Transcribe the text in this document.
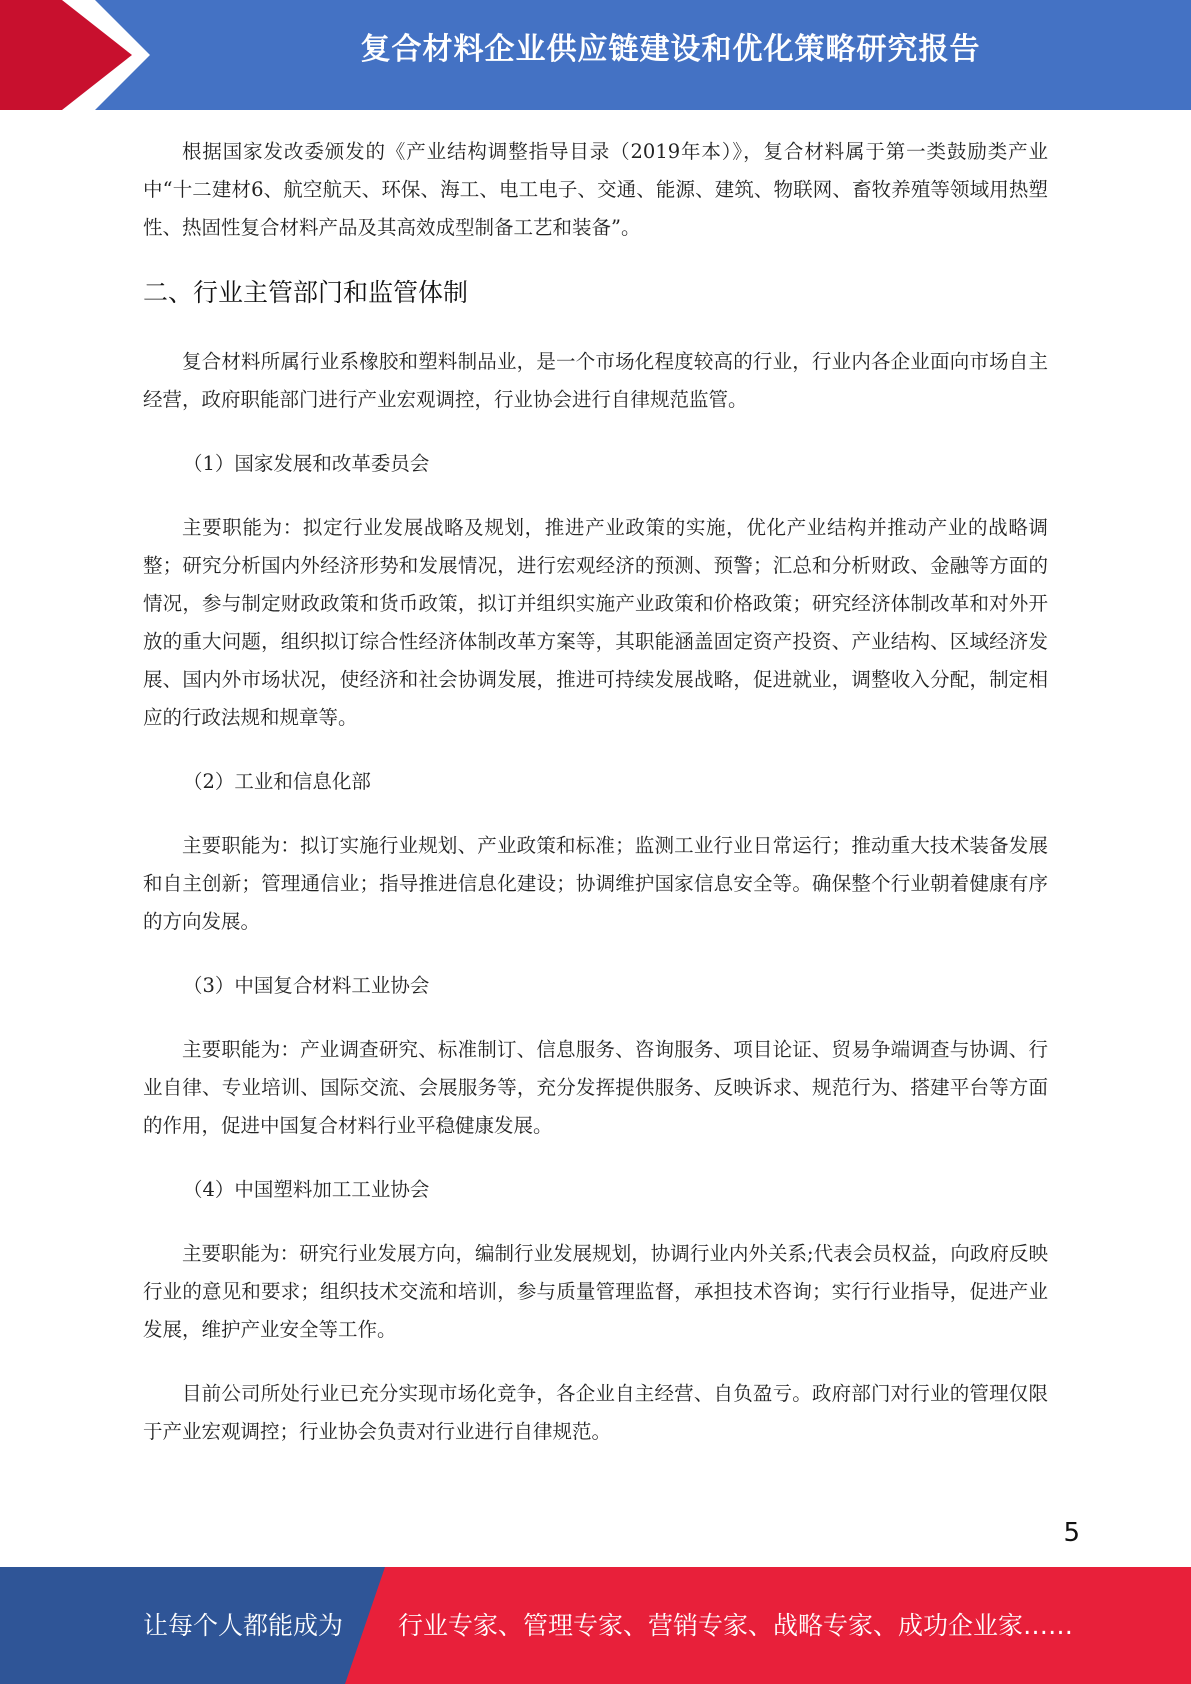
复合材料企业供应链建设和优化策略研究报告

根据国家发改委颁发的《产业结构调整指导目录（2019年本）》，复合材料属于第一类鼓励类产业中“十二建材6、航空航天、环保、海工、电工电子、交通、能源、建筑、物联网、畜牧养殖等领域用热塑性、热固性复合材料产品及其高效成型制备工艺和装备”。

二、行业主管部门和监管体制

复合材料所属行业系橡胶和塑料制品业，是一个市场化程度较高的行业，行业内各企业面向市场自主经营，政府职能部门进行产业宏观调控，行业协会进行自律规范监管。

（1）国家发展和改革委员会

主要职能为：拟定行业发展战略及规划，推进产业政策的实施，优化产业结构并推动产业的战略调整；研究分析国内外经济形势和发展情况，进行宏观经济的预测、预警；汇总和分析财政、金融等方面的情况，参与制定财政政策和货币政策，拟订并组织实施产业政策和价格政策；研究经济体制改革和对外开放的重大问题，组织拟订综合性经济体制改革方案等，其职能涵盖固定资产投资、产业结构、区域经济发展、国内外市场状况，使经济和社会协调发展，推进可持续发展战略，促进就业，调整收入分配，制定相应的行政法规和规章等。

（2）工业和信息化部

主要职能为：拟订实施行业规划、产业政策和标准；监测工业行业日常运行；推动重大技术装备发展和自主创新；管理通信业；指导推进信息化建设；协调维护国家信息安全等。确保整个行业朝着健康有序的方向发展。

（3）中国复合材料工业协会

主要职能为：产业调查研究、标准制订、信息服务、咨询服务、项目论证、贸易争端调查与协调、行业自律、专业培训、国际交流、会展服务等，充分发挥提供服务、反映诉求、规范行为、搭建平台等方面的作用，促进中国复合材料行业平稳健康发展。

（4）中国塑料加工工业协会

主要职能为：研究行业发展方向，编制行业发展规划，协调行业内外关系;代表会员权益，向政府反映行业的意见和要求；组织技术交流和培训，参与质量管理监督，承担技术咨询；实行行业指导，促进产业发展，维护产业安全等工作。

目前公司所处行业已充分实现市场化竞争，各企业自主经营、自负盈亏。政府部门对行业的管理仅限于产业宏观调控；行业协会负责对行业进行自律规范。

5
让每个人都能成为 行业专家、管理专家、营销专家、战略专家、成功企业家……
